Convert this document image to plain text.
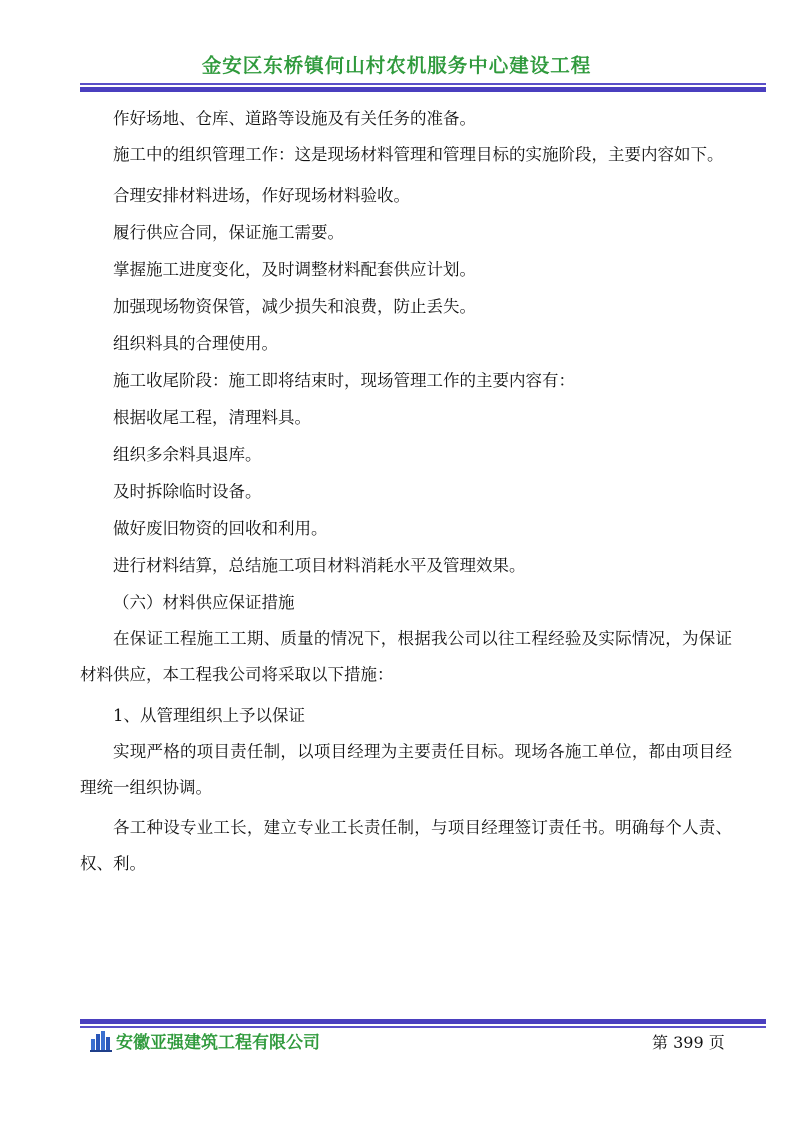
金安区东桥镇何山村农机服务中心建设工程

作好场地、仓库、道路等设施及有关任务的准备。

施工中的组织管理工作：这是现场材料管理和管理目标的实施阶段，主要内容如下。

合理安排材料进场，作好现场材料验收。

履行供应合同，保证施工需要。

掌握施工进度变化，及时调整材料配套供应计划。

加强现场物资保管，减少损失和浪费，防止丢失。

组织料具的合理使用。

施工收尾阶段：施工即将结束时，现场管理工作的主要内容有：

根据收尾工程，清理料具。

组织多余料具退库。

及时拆除临时设备。

做好废旧物资的回收和利用。

进行材料结算，总结施工项目材料消耗水平及管理效果。

（六）材料供应保证措施

在保证工程施工工期、质量的情况下，根据我公司以往工程经验及实际情况，为保证材料供应，本工程我公司将采取以下措施：

1、从管理组织上予以保证

实现严格的项目责任制，以项目经理为主要责任目标。现场各施工单位，都由项目经理统一组织协调。

各工种设专业工长，建立专业工长责任制，与项目经理签订责任书。明确每个人责、权、利。

安徽亚强建筑工程有限公司	第 399 页
